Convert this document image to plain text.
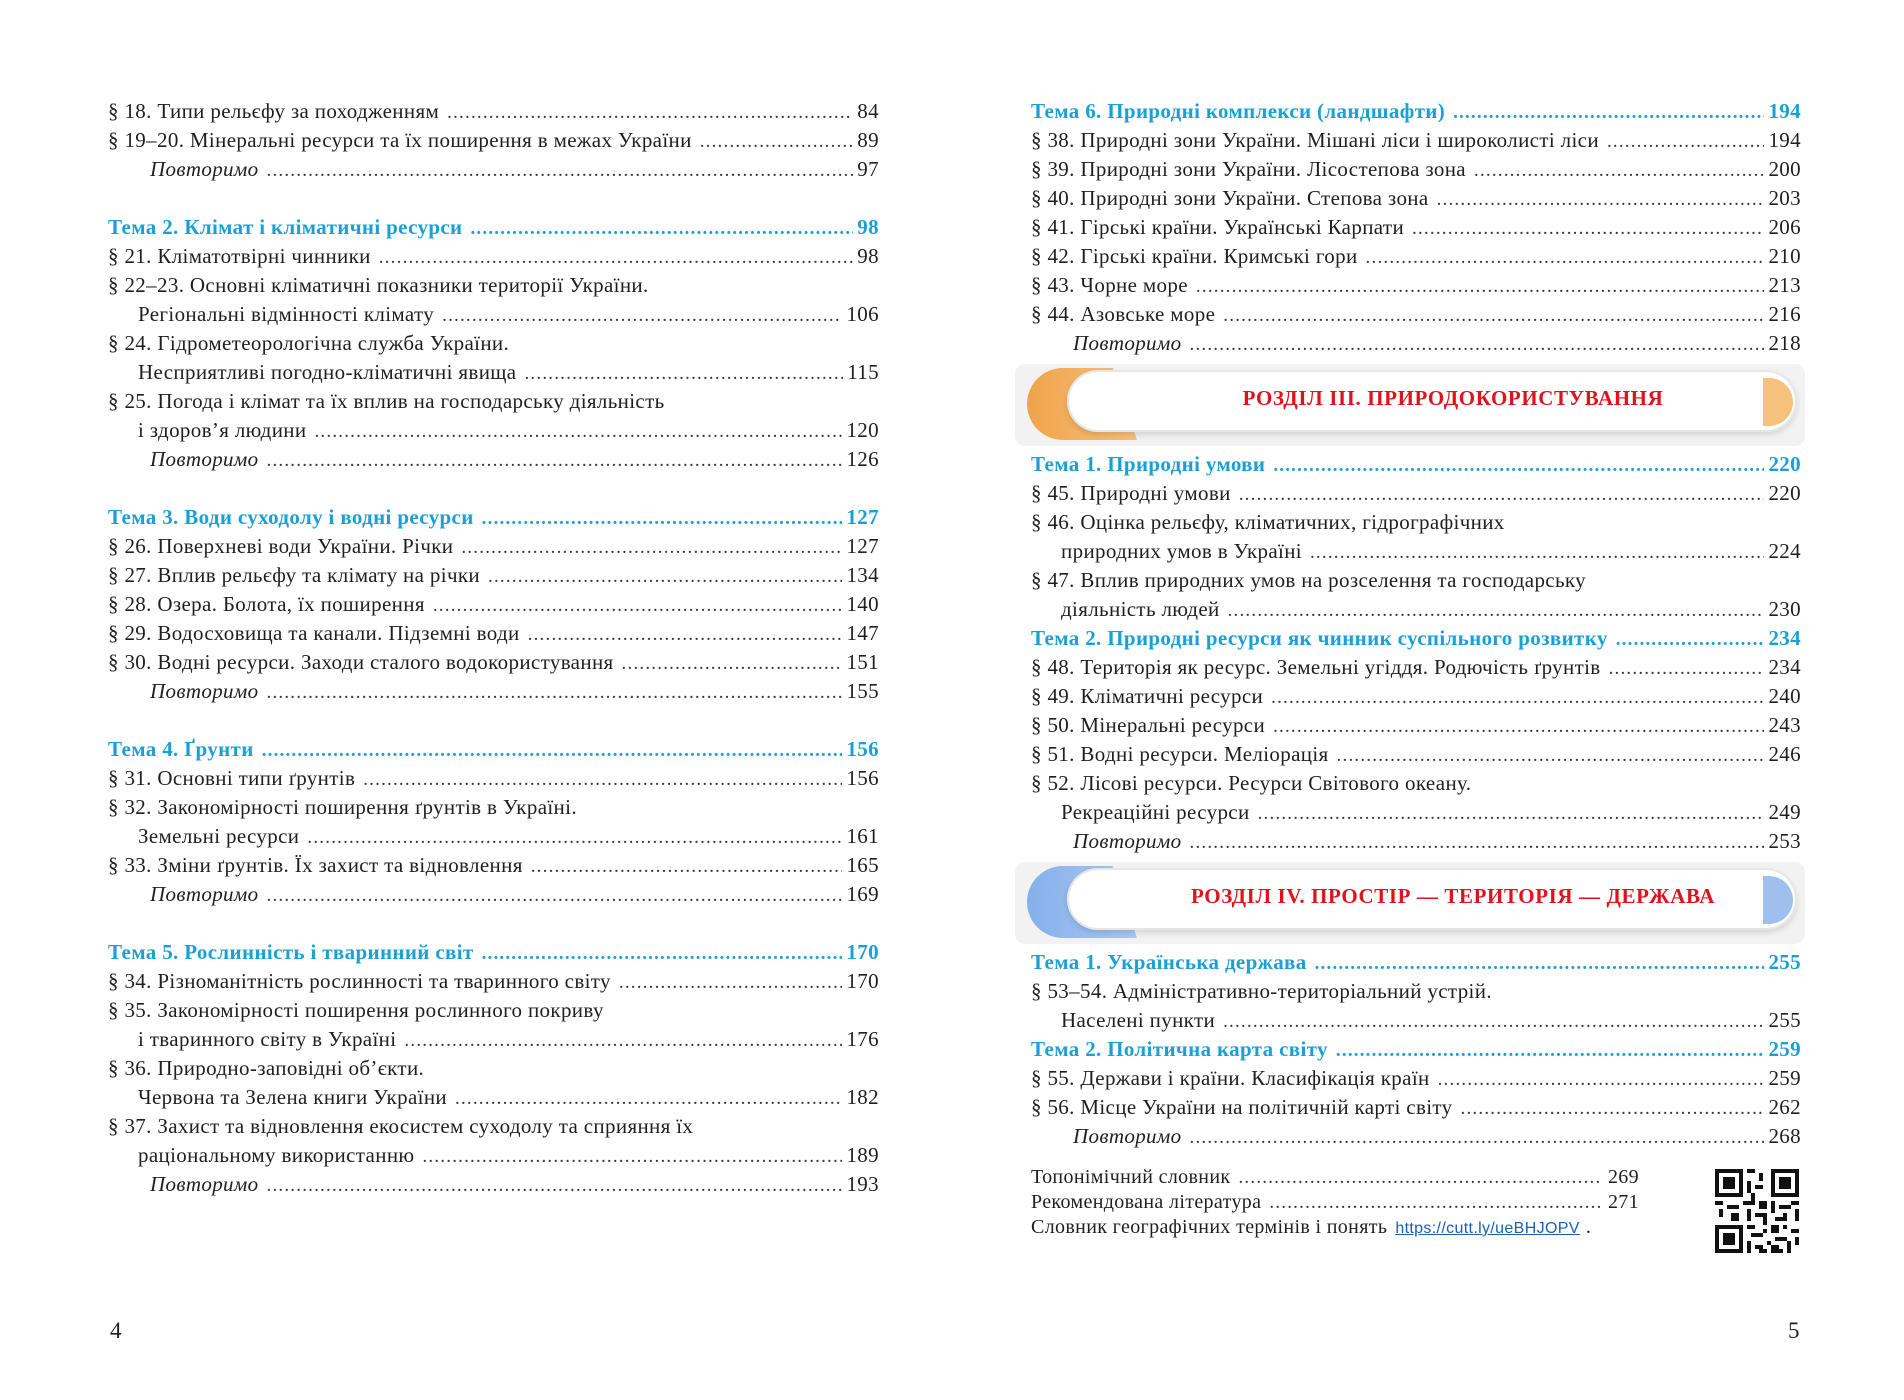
§ 18. Типи рельєфу за походженням .....	84
§ 19–20. Мінеральні ресурси та їх поширення в межах України .....	89
Повторимо .....	97
Тема 2. Клімат і кліматичні ресурси .....	98
§ 21. Кліматотвірні чинники .....	98
§ 22–23. Основні кліматичні показники території України.
Регіональні відмінності клімату .....	106
§ 24. Гідрометеорологічна служба України.
Несприятливі погодно-кліматичні явища .....	115
§ 25. Погода і клімат та їх вплив на господарську діяльність
і здоров’я людини .....	120
Повторимо .....	126
Тема 3. Води суходолу і водні ресурси .....	127
§ 26. Поверхневі води України. Річки .....	127
§ 27. Вплив рельєфу та клімату на річки .....	134
§ 28. Озера. Болота, їх поширення .....	140
§ 29. Водосховища та канали. Підземні води .....	147
§ 30. Водні ресурси. Заходи сталого водокористування .....	151
Повторимо .....	155
Тема 4. Ґрунти .....	156
§ 31. Основні типи ґрунтів .....	156
§ 32. Закономірності поширення ґрунтів в Україні.
Земельні ресурси .....	161
§ 33. Зміни ґрунтів. Їх захист та відновлення .....	165
Повторимо .....	169
Тема 5. Рослинність і тваринний світ .....	170
§ 34. Різноманітність рослинності та тваринного світу .....	170
§ 35. Закономірності поширення рослинного покриву
і тваринного світу в Україні .....	176
§ 36. Природно-заповідні об’єкти.
Червона та Зелена книги України .....	182
§ 37. Захист та відновлення екосистем суходолу та сприяння їх
раціональному використанню .....	189
Повторимо .....	193
Тема 6. Природні комплекси (ландшафти) .....	194
§ 38. Природні зони України. Мішані ліси і широколисті ліси .....	194
§ 39. Природні зони України. Лісостепова зона .....	200
§ 40. Природні зони України. Степова зона .....	203
§ 41. Гірські країни. Українські Карпати .....	206
§ 42. Гірські країни. Кримські гори .....	210
§ 43. Чорне море .....	213
§ 44. Азовське море .....	216
Повторимо .....	218
РОЗДІЛ ІІІ. ПРИРОДОКОРИСТУВАННЯ
Тема 1. Природні умови .....	220
§ 45. Природні умови .....	220
§ 46. Оцінка рельєфу, кліматичних, гідрографічних
природних умов в Україні .....	224
§ 47. Вплив природних умов на розселення та господарську
діяльність людей .....	230
Тема 2. Природні ресурси як чинник суспільного розвитку .....	234
§ 48. Територія як ресурс. Земельні угіддя. Родючість ґрунтів .....	234
§ 49. Кліматичні ресурси .....	240
§ 50. Мінеральні ресурси .....	243
§ 51. Водні ресурси. Меліорація .....	246
§ 52. Лісові ресурси. Ресурси Світового океану.
Рекреаційні ресурси .....	249
Повторимо .....	253
РОЗДІЛ IV. ПРОСТІР — ТЕРИТОРІЯ — ДЕРЖАВА
Тема 1. Українська держава .....	255
§ 53–54. Адміністративно-територіальний устрій.
Населені пункти .....	255
Тема 2. Політична карта світу .....	259
§ 55. Держави і країни. Класифікація країн .....	259
§ 56. Місце України на політичній карті світу .....	262
Повторимо .....	268
Топонімічний словник .....	269
Рекомендована література .....	271
Словник географічних термінів і понять https://cutt.ly/ueBHJOPV .
4	5
